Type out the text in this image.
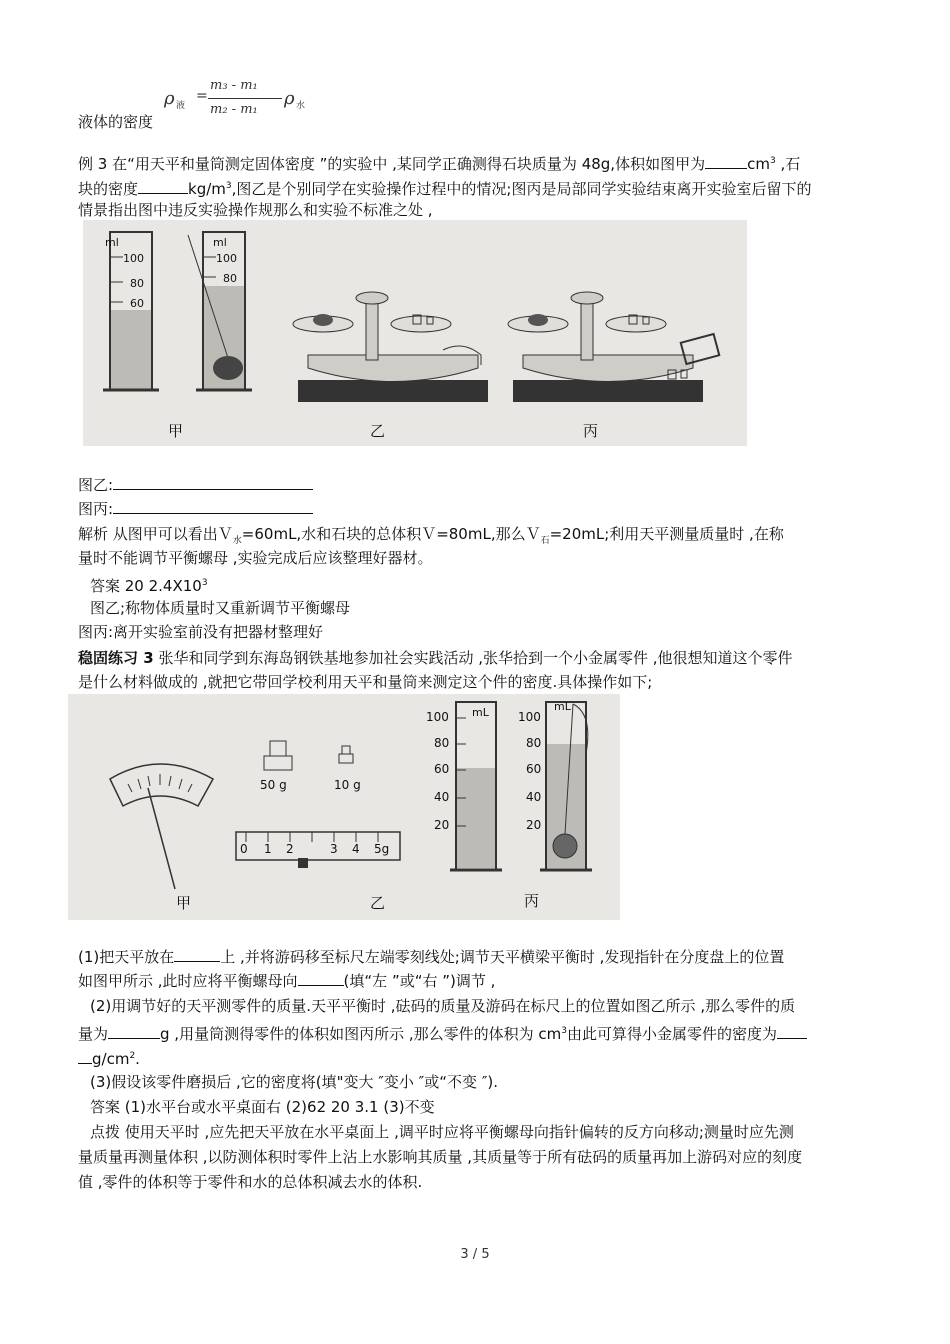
ρ 液
=
m₃ - m₁
m₂ - m₁
ρ 水
液体的密度
例 3 在“用天平和量筒测定固体密度 ”的实验中 ,某同学正确测得石块质量为 48g,体积如图甲为	$cm^3$ ,石
块的密度	$kg/m^3$,图乙是个别同学在实验操作过程中的情况;图丙是局部同学实验结束离开实验室后留下的
情景指出图中违反实验操作规那么和实验不标准之处 ,
ml
100
80
60
ml
100
80
甲	乙	丙
图乙:
图丙:
解析 从图甲可以看出Ｖ$_水$=60mL,水和石块的总体积Ｖ=80mL,那么Ｖ$_石$=20mL;利用天平测量质量时 ,在称
量时不能调节平衡螺母 ,实验完成后应该整理好器材。
答案 20 $2.4X10^3$
图乙;称物体质量时又重新调节平衡螺母
图丙:离开实验室前没有把器材整理好
稳固练习 3 张华和同学到东海岛钢铁基地参加社会实践活动 ,张华拾到一个小金属零件 ,他很想知道这个零件
是什么材料做成的 ,就把它带回学校利用天平和量筒来测定这个件的密度.具体操作如下;
50 g	10 g
0 1 2	3 4 5g
mL
100
80
60
40
20
mL
100
80
60
40
20
甲	乙	丙
(1)把天平放在	上 ,并将游码移至标尺左端零刻线处;调节天平横梁平衡时 ,发现指针在分度盘上的位置
如图甲所示 ,此时应将平衡螺母向	(填“左 ”或“右 ”)调节 ,
(2)用调节好的天平测零件的质量.天平平衡时 ,砝码的质量及游码在标尺上的位置如图乙所示 ,那么零件的质
量为	g ,用量筒测得零件的体积如图丙所示 ,那么零件的体积为 $cm^3$由此可算得小金属零件的密度为
$g/cm^2$.
(3)假设该零件磨损后 ,它的密度将(填"变大 ″变小 ″或“不变 ″).
答案 (1)水平台或水平桌面右 (2)62 20 3.1 (3)不变
点拨 使用天平时 ,应先把天平放在水平桌面上 ,调平时应将平衡螺母向指针偏转的反方向移动;测量时应先测
量质量再测量体积 ,以防测体积时零件上沾上水影响其质量 ,其质量等于所有砝码的质量再加上游码对应的刻度
值 ,零件的体积等于零件和水的总体积减去水的体积.
3 / 5
